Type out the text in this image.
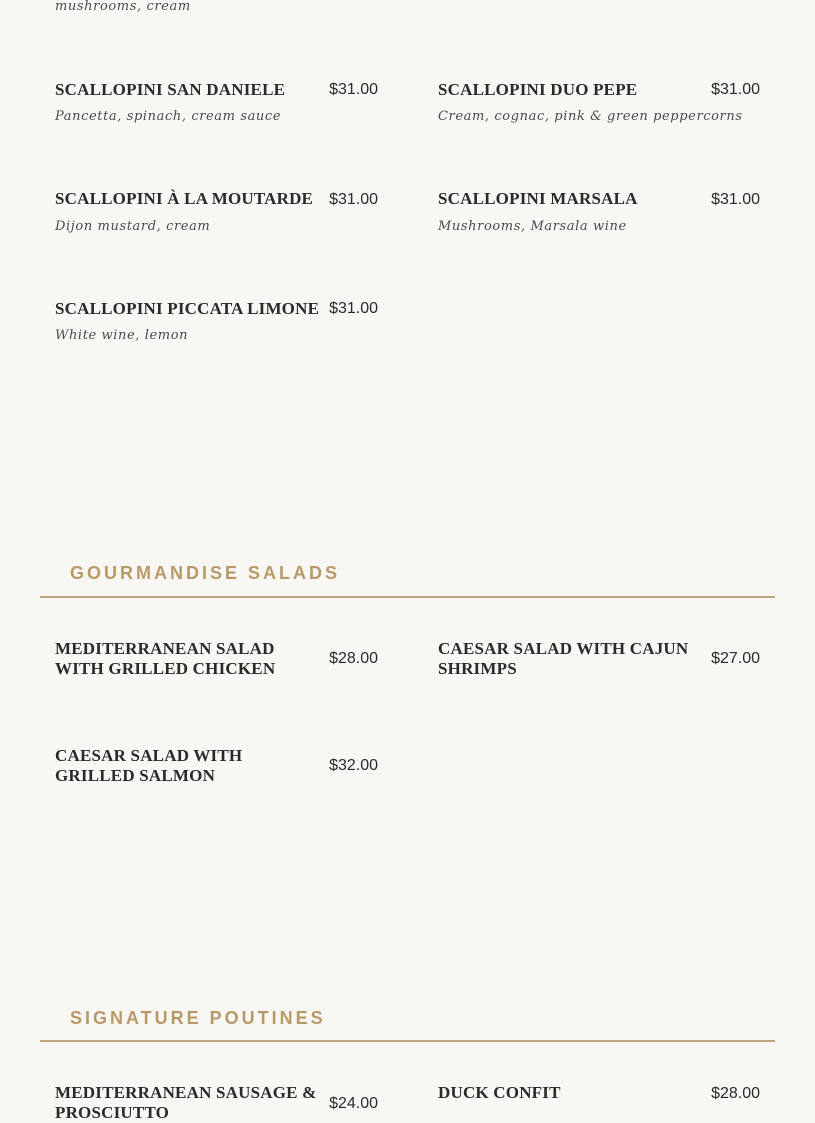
mushrooms, cream
SCALLOPINI SAN DANIELE	$31.00
Pancetta, spinach, cream sauce
SCALLOPINI DUO PEPE	$31.00
Cream, cognac, pink & green peppercorns
SCALLOPINI À LA MOUTARDE $31.00
Dijon mustard, cream
SCALLOPINI MARSALA	$31.00
Mushrooms, Marsala wine
SCALLOPINI PICCATA LIMONE $31.00
White wine, lemon
GOURMANDISE SALADS
MEDITERRANEAN SALAD WITH GRILLED CHICKEN
$28.00
CAESAR SALAD WITH CAJUN SHRIMPS
$27.00
CAESAR SALAD WITH GRILLED SALMON
$32.00
SIGNATURE POUTINES
MEDITERRANEAN SAUSAGE & PROSCIUTTO	$24.00
DUCK CONFIT	$28.00
